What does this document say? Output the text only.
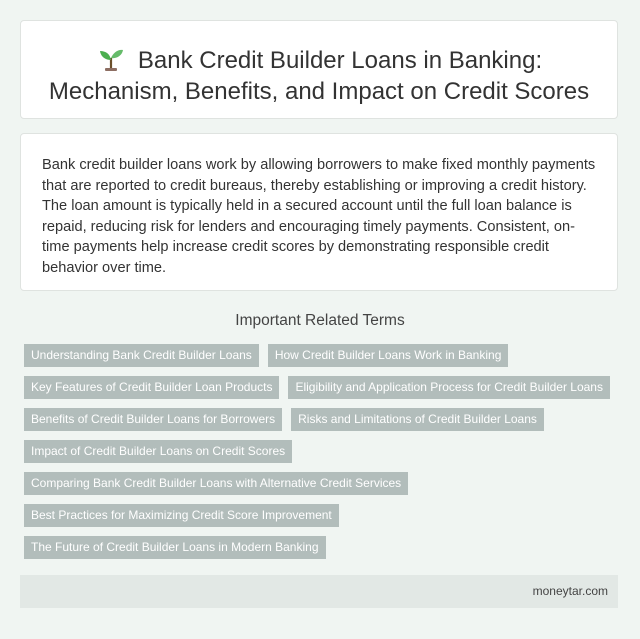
Bank Credit Builder Loans in Banking:
Mechanism, Benefits, and Impact on Credit Scores

Bank credit builder loans work by allowing borrowers to make fixed monthly payments that are reported to credit bureaus, thereby establishing or improving a credit history. The loan amount is typically held in a secured account until the full loan balance is repaid, reducing risk for lenders and encouraging timely payments. Consistent, on-time payments help increase credit scores by demonstrating responsible credit behavior over time.

Important Related Terms
Understanding Bank Credit Builder Loans	How Credit Builder Loans Work in Banking
Key Features of Credit Builder Loan Products	Eligibility and Application Process for Credit Builder Loans
Benefits of Credit Builder Loans for Borrowers	Risks and Limitations of Credit Builder Loans
Impact of Credit Builder Loans on Credit Scores
Comparing Bank Credit Builder Loans with Alternative Credit Services
Best Practices for Maximizing Credit Score Improvement
The Future of Credit Builder Loans in Modern Banking
moneytar.com
